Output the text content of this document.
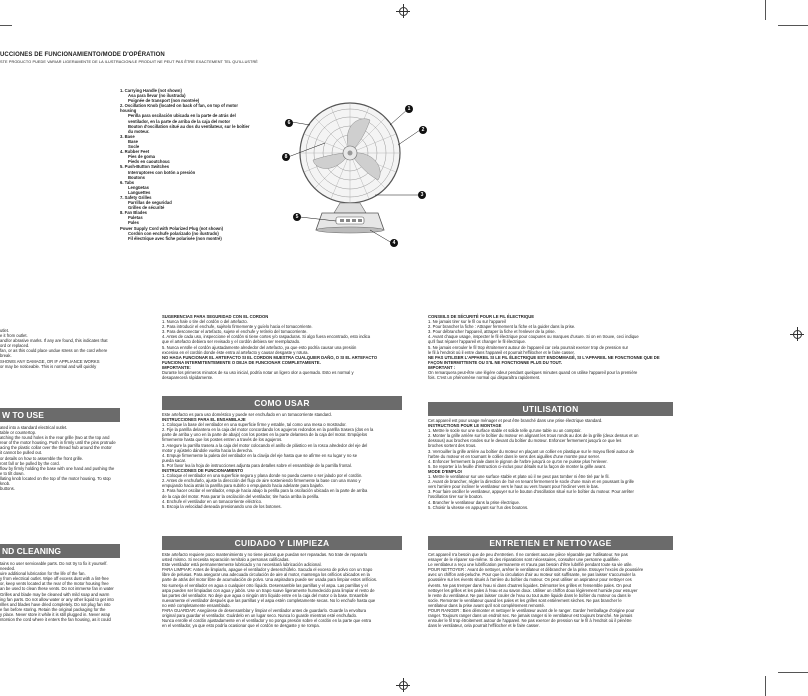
UCCIONES DE FUNCIONAMIENTO/MODE D'OPÉRATION
STE PRODUCTO PUEDE VARIAR LIGERAMENTE DE LA ILUSTRACION/LE PRODUIT NE PEUT PAS ÊTRE EXACTEMENT TEL QU'ILLUSTRÉ
1. Carrying Handle (not shown)
Asa para llevar (no ilustrada)
Poignée de transport (non montrée)
2. Oscillation Knob (located on back of fan, on top of motor housing
Perilla para oscilación ubicada en la parte de atrás del ventilador, en la parte de arriba de la caja del motor
Bouton d'oscillation situé au dos du ventilateur, sur le boîtier du moteur.
3. Base
Base
Socle
4. Rubber Feet
Pies de goma
Pieds en caoutchouc
5. Push-Button Switches
Interruptores con botón a presión
Boutons
6. Tabs
Lengüetas
Languettes
7. Safety Grilles
Parrillas de seguridad
Grilles de sécurité
8. Fan Blades
Paletas
Pales
Power Supply Cord with Polarized Plug (not shown)
Cordón con enchufe polarizado (no ilustrado)
Fil électrique avec fiche polarisée (non montré)
1
2
3
4
5
6
8

utlet.

e it from outlet.

and/or abrasive marks. If any are found, this indicates that

ord or replaced.

fan, or as this could place undue stress on the cord where

break.

SHOWS ANY DAMAGE, OR IF APPLIANCE WORKS

or may be noticeable. This is normal and will quickly

W TO USE

ated into a standard electrical outlet.

table or countertop.

atching the round holes in the rear grille (two at the top and

rear of the motor housing. Push in firmly until the pins protrude

acing the plastic collar over the thread hub around the motor

it cannot be pulled out.

or details on how to assemble the front grille.

ront fall or be pulled by the cord.

flow by firmly holding the base with one hand and pushing the

e to tilt down.

llating knob located on the top of the motor housing. To stop

knob.

buttons.

ND CLEANING

tains no user serviceable parts. Do not try to fix it yourself.

needed.

uire additional lubrication for the life of the fan.

y from electrical outlet. Wipe off excess dust with a lint-free

or, keep vents located at the rear of the motor housing free

an be used to clean these vents. Do not immerse fan in water

Grilles and blade may be cleaned with mild soap and warm

ing fan parts. Do not allow water or any other liquid to get into

rilles and blades have dried completely. Do not plug fan into

e fan before storing. Retain the original packaging for the

y place. Never store it while it is still plugged in. Never wrap

ntorsion the cord where it enters the fan housing, as it could

SUGERENCIAS PARA SEGURIDAD CON EL CORDON

1. Nunca hale o tire del cordón o del artefacto.

2. Para introducir el enchufe, sujételo firmemente y guíelo hacia el tomacorriente.

3. Para desconectar el artefacto, sujete el enchufe y retírelo del tomacorriente.

4. Antes de cada uso, inspeccione el cordón si tiene cortes y/o raspaduras. Si algo fuera encontrado, esto indica

que el artefacto debiera ser revisado y el cordón debiera ser reemplazado.

5. Nunca enrolle el cordón ajustadamente alrededor del artefacto, ya que esto podría causar una presión

excesiva en el cordón donde éste entra al artefacto y causar desgaste y rotura.

NO HAGA FUNCIONAR EL ARTEFACTO SI EL CORDON MUESTRA CUALQUIER DAÑO, O SI EL ARTEFACTO

FUNCIONA INTERMITENTEMENTE O DEJA DE FUNCIONAR COMPLETAMENTE.

IMPORTANTE:

Durante los primeros minutos de su uso inicial, podría notar un ligero olor a quemado. Esto es normal y

desaparecerá rápidamente.

COMO USAR

Este artefacto es para uso doméstico y puede ser enchufado en un tomacorriente standard.

INSTRUCCIONES PARA EL ENSAMBLAJE

1. Coloque la base del ventilador en una superficie firme y estable, tal como una mesa o mostrador.

2. Fije la parrilla delantera en la caja del motor concordando los agujeros redondos en la parrilla trasera (dos en la

parte de arriba y uno en la parte de abajo) con los postes en la parte delantera de la caja del motor. Empújelos

firmemente hasta que los postes entren a través de los agujeros.

3. Asegure la parrilla trasera a la caja del motor colocando el anillo de plástico en la rosca alrededor del eje del

motor y ajústelo dándole vuelta hacia la derecha.

4. Empuje firmemente la paleta del ventilador en la clavija del eje hasta que se afirme en su lugar y no se

pueda sacar.

5. Por favor lea la hoja de instrucciones adjunta para detalles sobre el ensamblaje de la parrilla frontal.

INSTRUCCIONES DE FUNCIONAMIENTO

1. Coloque el ventilador en una superficie segura y plana donde no pueda caerse o ser jalado por el cordón.

2. Antes de enchufarlo, ajuste la dirección del flujo de aire sosteniendo firmemente la base con una mano y

empujando hacia atrás la parrilla para subirlo o empujando hacia adelante para bajarlo.

3. Para hacer oscilar el ventilador, empuje hacia abajo la perilla para la oscilación ubicada en la parte de arriba

de la caja del motor. Para parar la oscilación del ventilador, tire hacia arriba la perilla.

4. Enchufe el ventilador en un tomacorriente eléctrico.

5. Escoja la velocidad deseada presionando uno de los botones.

CUIDADO Y LIMPIEZA

Este artefacto requiere poco mantenimiento y no tiene piezas que puedan ser reparadas. No trate de repararlo

usted mismo. Si necesita reparación remítalo a personas calificadas.

Este ventilador está permanentemente lubricado y no necesitará lubricación adicional.

PARA LIMPIAR: Antes de limpiarlo, apague el ventilador y desenchúfelo. Sacuda el exceso de polvo con un trapo

libre de pelusas. Para asegurar una adecuada circulación de aire al motor, mantenga los orificios ubicados en la

parte de atrás del motor libre de acumulación de polvo. Una aspiradora puede ser usada para limpiar estos orificios.

No sumerja el ventilador en agua o cualquier otro líquido. Desensamble las parrillas y el aspa. Las parrillas y el

aspa pueden ser limpiadas con agua y jabón. Use un trapo suave ligeramente humedecido para limpiar el resto de

las partes del ventilador. No deje que agua o ningún otro líquido entre en la caja del motor o la base. Ensamble

nuevamente el ventilador después que las parrillas y el aspa estén completamente secas. No lo enchufe hasta que

no esté completamente ensamblado.

PARA GUARDAR: Asegúrese de desensamblar y limpiar el ventilador antes de guardarlo. Guarde la envoltura

original para guardar el ventilador. Guárdelo en un lugar seco. Nunca lo guarde mientras esté enchufado.

Nunca enrolle el cordón ajustadamente en el ventilador y no ponga presión sobre el cordón en la parte que entra

en el ventilador, ya que esto podría ocasionar que el cordón se desgaste y se rompa.

CONSEILS DE SÉCURITÉ POUR LE FIL ÉLECTRIQUE

1. Ne jamais tirer sur le fil ou sur l'appareil

2. Pour brancher la fiche : Attraper fermement la fiche et la guider dans la prise.

3. Pour débrancher l'appareil, attraper la fiche et l'enlever de la prise.

4. Avant chaque usage, inspecter le fil électrique pour coupures ou marques d'usure. Si on en trouve, ceci indique

qu'il faut réparer l'appareil et changer le fil électrique.

5. Ne jamais enrouler le fil trop étroitement autour de l'appareil car cela pourrait exercer trop de pression sur

le fil à l'endroit où il entre dans l'appareil et pourrait l'effilocher et le faire casser.

NE PAS UTILISER L'APPAREIL SI LE FIL ÉLECTRIQUE EST ENDOMMAGÉ, SI L'APPAREIL NE FONCTIONNE QUE DE

FAÇON INTERMITTENTE OU S'IL NE FONCTIONNE PLUS DU TOUT.

IMPORTANT :

On remarquera peut-être une légère odeur pendant quelques minutes quand on utilise l'appareil pour la première

fois. C'est un phénomène normal qui disparaîtra rapidement.

UTILISATION

Cet appareil est pour usage ménager et peut être branché dans une prise électrique standard.

INSTRUCTIONS POUR LE MONTAGE

1. Mettre le socle sur une surface stable et solide telle qu'une table ou un comptoir.

2. Monter la grille arrière sur le boîtier du moteur en alignant les trous ronds au dos de la grille (deux dessus et un

dessous) aux broches rondes sur le devant du boîtier du moteur. Enfoncer fermement jusqu'à ce que les

broches sortent des trous.

3. Verrouiller la grille arrière au boîtier du moteur en plaçant un collier en plastique sur le moyeu fileté autour de

l'arbre du moteur et en tournant le collier dans le sens des aiguilles d'une montre pour serrer.

4. Enfoncer fermement la pale dans le pignon de l'arbre jusqu'à ce qu'on ne puisse plus l'enlever.

5. Se reporter à la feuille d'instruction ci-inclus pour détails sur la façon de monter la grille avant.

MODE D'EMPLOI

1. Mettre le ventilateur sur une surface stable et plate où il ne peut pas tomber ni être tiré par le fil.

2. Avant de brancher, régler la direction de l'air en tenant fermement le socle d'une main et en poussant la grille

vers l'arrière pour incliner le ventilateur vers le haut ou vers l'avant pour l'incliner vers le bas.

3. Pour faire osciller le ventilateur, appuyer sur le bouton d'oscillation situé sur le boîtier du moteur. Pour arrêter

l'oscillation tirer sur le bouton.

4. Brancher le ventilateur dans la prise électrique.

5. Choisir la vitesse en appuyant sur l'un des boutons.

ENTRETIEN ET NETTOYAGE

Cet appareil n'a besoin que de peu d'entretien. Il ne contient aucune pièce réparable par l'utilisateur. Ne pas

essayer de le réparer soi-même. Si des réparations sont nécessaires, consulter une personne qualifiée.

Le ventilateur a reçu une lubrification permanente et n'aura pas besoin d'être lubrifié pendant toute sa vie utile.

POUR NETTOYER : Avant de nettoyer, arrêter le ventilateur et débrancher de la prise. Essuyer l'excès de poussière

avec un chiffon anti-peluche. Pour que la circulation d'air au moteur soit suffisante, ne pas laisser s'accumuler la

poussière sur les évents situés à l'arrière du boîtier du moteur. On peut utiliser un aspirateur pour nettoyer ces

évents. Ne pas tremper dans l'eau ni dans d'autres liquides. Démonter les grilles et l'ensemble pales. On peut

nettoyer les grilles et les pales à l'eau et au savon doux. Utiliser un chiffon doux légèrement humide pour essuyer

le reste du ventilateur. Ne pas laisser couler de l'eau ou tout autre liquide dans le boîtier du moteur ou dans le

socle. Remonter le ventilateur quand les pales et les grilles sont entièrement sèches. Ne pas brancher le

ventilateur dans la prise avant qu'il soit complètement remonté.

POUR RANGER : Bien démonter et nettoyer le ventilateur avant de le ranger. Garder l'emballage d'origine pour

ranger. Toujours ranger dans un endroit sec. Ne jamais ranger si le ventilateur est toujours branché. Ne jamais

enrouler le fil trop étroitement autour de l'appareil. Ne pas exercer de pression sur le fil à l'endroit où il pénètre

dans le ventilateur, cela pourrait l'effilocher et le faire casser.
